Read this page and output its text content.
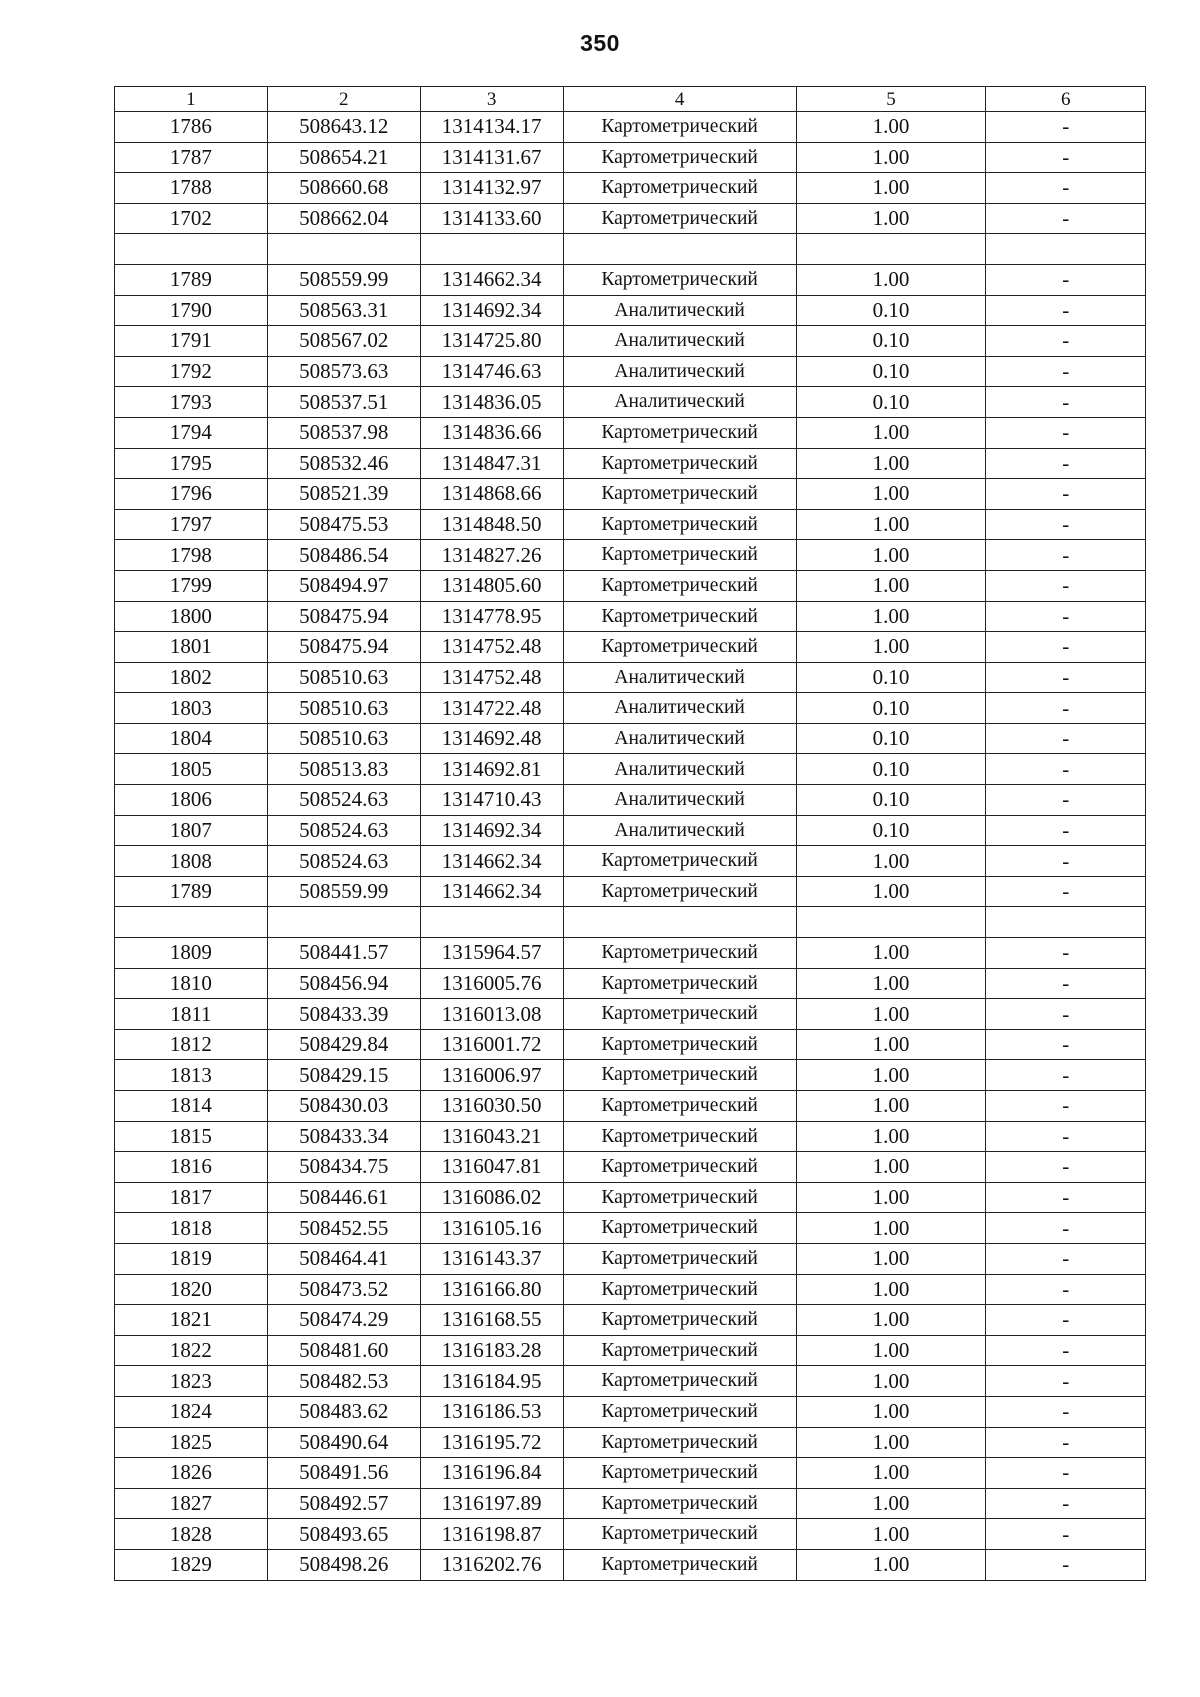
350
1	2	3	4	5	6
1786	508643.12	1314134.17	Картометрический	1.00	-
1787	508654.21	1314131.67	Картометрический	1.00	-
1788	508660.68	1314132.97	Картометрический	1.00	-
1702	508662.04	1314133.60	Картометрический	1.00	-

1789	508559.99	1314662.34	Картометрический	1.00	-
1790	508563.31	1314692.34	Аналитический	0.10	-
1791	508567.02	1314725.80	Аналитический	0.10	-
1792	508573.63	1314746.63	Аналитический	0.10	-
1793	508537.51	1314836.05	Аналитический	0.10	-
1794	508537.98	1314836.66	Картометрический	1.00	-
1795	508532.46	1314847.31	Картометрический	1.00	-
1796	508521.39	1314868.66	Картометрический	1.00	-
1797	508475.53	1314848.50	Картометрический	1.00	-
1798	508486.54	1314827.26	Картометрический	1.00	-
1799	508494.97	1314805.60	Картометрический	1.00	-
1800	508475.94	1314778.95	Картометрический	1.00	-
1801	508475.94	1314752.48	Картометрический	1.00	-
1802	508510.63	1314752.48	Аналитический	0.10	-
1803	508510.63	1314722.48	Аналитический	0.10	-
1804	508510.63	1314692.48	Аналитический	0.10	-
1805	508513.83	1314692.81	Аналитический	0.10	-
1806	508524.63	1314710.43	Аналитический	0.10	-
1807	508524.63	1314692.34	Аналитический	0.10	-
1808	508524.63	1314662.34	Картометрический	1.00	-
1789	508559.99	1314662.34	Картометрический	1.00	-

1809	508441.57	1315964.57	Картометрический	1.00	-
1810	508456.94	1316005.76	Картометрический	1.00	-
1811	508433.39	1316013.08	Картометрический	1.00	-
1812	508429.84	1316001.72	Картометрический	1.00	-
1813	508429.15	1316006.97	Картометрический	1.00	-
1814	508430.03	1316030.50	Картометрический	1.00	-
1815	508433.34	1316043.21	Картометрический	1.00	-
1816	508434.75	1316047.81	Картометрический	1.00	-
1817	508446.61	1316086.02	Картометрический	1.00	-
1818	508452.55	1316105.16	Картометрический	1.00	-
1819	508464.41	1316143.37	Картометрический	1.00	-
1820	508473.52	1316166.80	Картометрический	1.00	-
1821	508474.29	1316168.55	Картометрический	1.00	-
1822	508481.60	1316183.28	Картометрический	1.00	-
1823	508482.53	1316184.95	Картометрический	1.00	-
1824	508483.62	1316186.53	Картометрический	1.00	-
1825	508490.64	1316195.72	Картометрический	1.00	-
1826	508491.56	1316196.84	Картометрический	1.00	-
1827	508492.57	1316197.89	Картометрический	1.00	-
1828	508493.65	1316198.87	Картометрический	1.00	-
1829	508498.26	1316202.76	Картометрический	1.00	-
